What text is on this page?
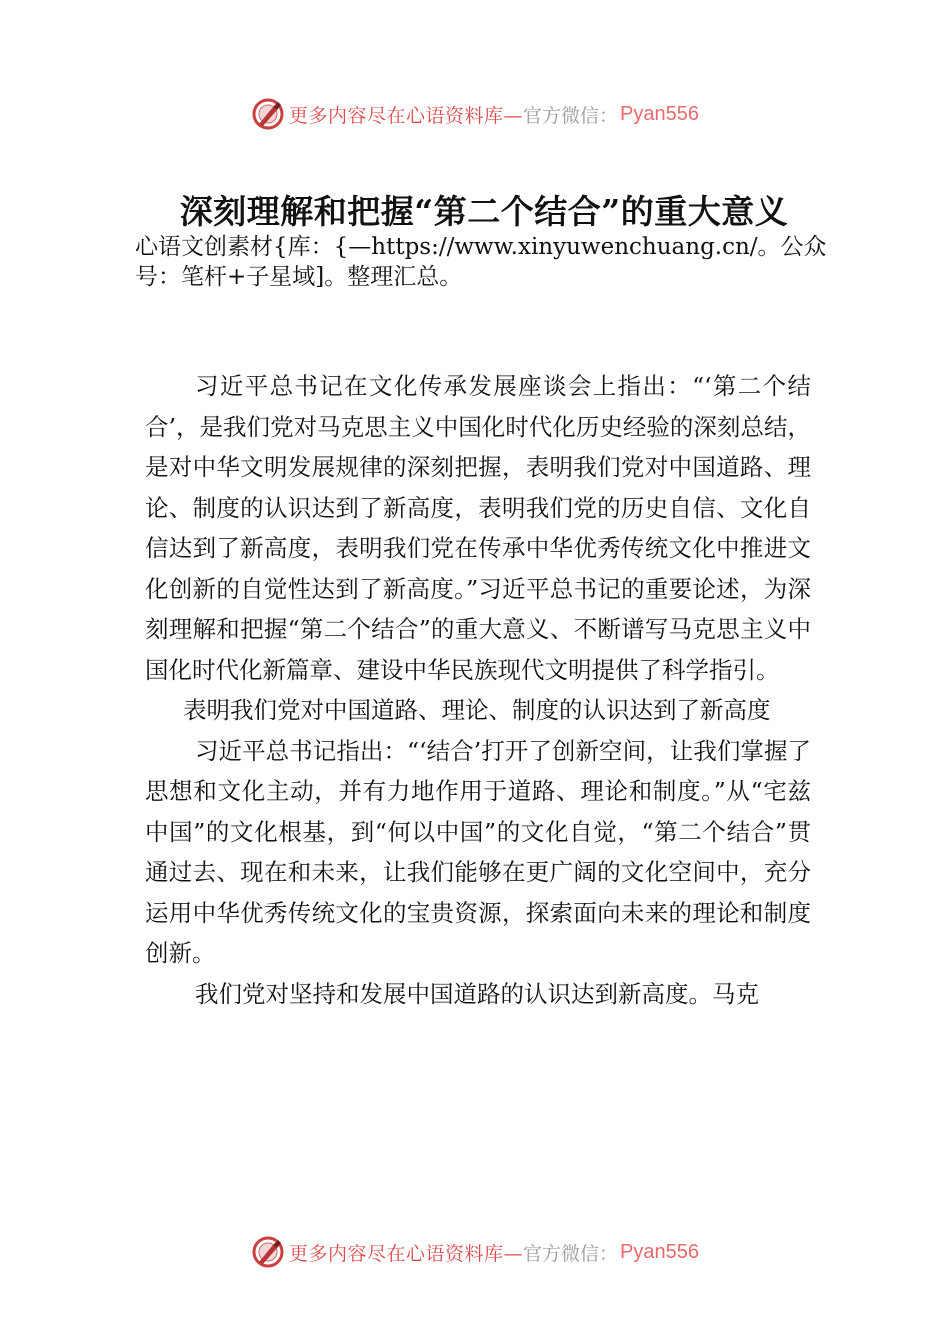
更多内容尽在心语资料库— 官方微信： Pyan556
深刻理解和把握“第二个结合”的重大意义

心语文创素材{库：{—https://www.xinyuwenchuang.cn/。公众号：笔杆+子星域]。整理汇总。

习近平总书记在文化传承发展座谈会上指出：“‘第二个结合’，是我们党对马克思主义中国化时代化历史经验的深刻总结，是对中华文明发展规律的深刻把握，表明我们党对中国道路、理论、制度的认识达到了新高度，表明我们党的历史自信、文化自信达到了新高度，表明我们党在传承中华优秀传统文化中推进文化创新的自觉性达到了新高度。”习近平总书记的重要论述，为深刻理解和把握“第二个结合”的重大意义、不断谱写马克思主义中国化时代化新篇章、建设中华民族现代文明提供了科学指引。

表明我们党对中国道路、理论、制度的认识达到了新高度

习近平总书记指出：“‘结合’打开了创新空间，让我们掌握了思想和文化主动，并有力地作用于道路、理论和制度。”从“宅兹中国”的文化根基，到“何以中国”的文化自觉，“第二个结合”贯通过去、现在和未来，让我们能够在更广阔的文化空间中，充分运用中华优秀传统文化的宝贵资源，探索面向未来的理论和制度创新。

我们党对坚持和发展中国道路的认识达到新高度。马克

更多内容尽在心语资料库— 官方微信： Pyan556
